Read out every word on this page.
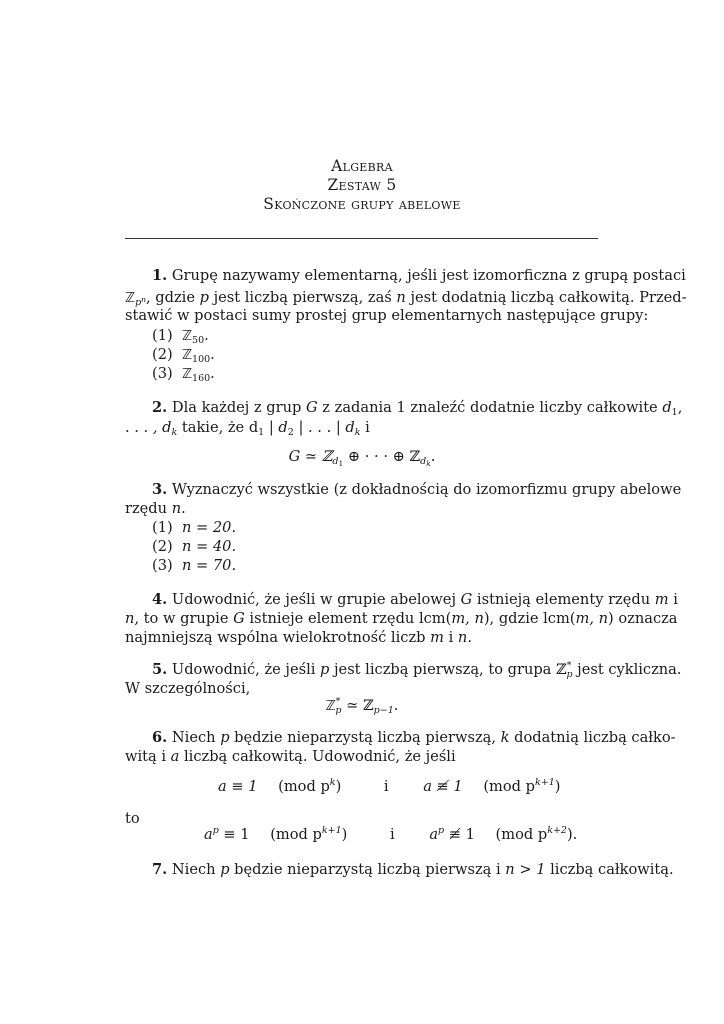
Algebra
Zestaw 5
Skończone grupy abelowe
1. Grupę nazywamy elementarną, jeśli jest izomorficzna z grupą postaci
ℤ$_{p^n}$, gdzie p jest liczbą pierwszą, zaś n jest dodatnią liczbą całkowitą. Przed-
stawić w postaci sumy prostej grup elementarnych następujące grupy:
(1) ℤ$_{50}$.
(2) ℤ$_{100}$.
(3) ℤ$_{160}$.
2. Dla każdej z grup G z zadania 1 znaleźć dodatnie liczby całkowite $d_1$,
. . . , $d_k$ takie, że $d_1$ | $d_2$ | . . . | $d_k$ i
G ≃ ℤ$_{d_1}$ ⊕ · · · ⊕ ℤ$_{d_k}$.
3. Wyznaczyć wszystkie (z dokładnością do izomorfizmu grupy abelowe
rzędu n.
(1) n = 20.
(2) n = 40.
(3) n = 70.
4. Udowodnić, że jeśli w grupie abelowej G istnieją elementy rzędu m i
n, to w grupie G istnieje element rzędu lcm(m, n), gdzie lcm(m, n) oznacza
najmniejszą wspólna wielokrotność liczb m i n.
5. Udowodnić, że jeśli p jest liczbą pierwszą, to grupa ℤ*$_p$ jest cykliczna.
W szczególności,
ℤ*$_p$ ≃ ℤ$_{p-1}$.
6. Niech p będzie nieparzystą liczbą pierwszą, k dodatnią liczbą całko-
witą i a liczbą całkowitą. Udowodnić, że jeśli
a ≡ 1 (mod $p^k$)	i a ≢ 1 (mod $p^{k+1}$)
to
$a^p \equiv 1$ (mod $p^{k+1}$)	i $a^p$ ≢ 1 (mod $p^{k+2}$).
7. Niech p będzie nieparzystą liczbą pierwszą i n > 1 liczbą całkowitą.
